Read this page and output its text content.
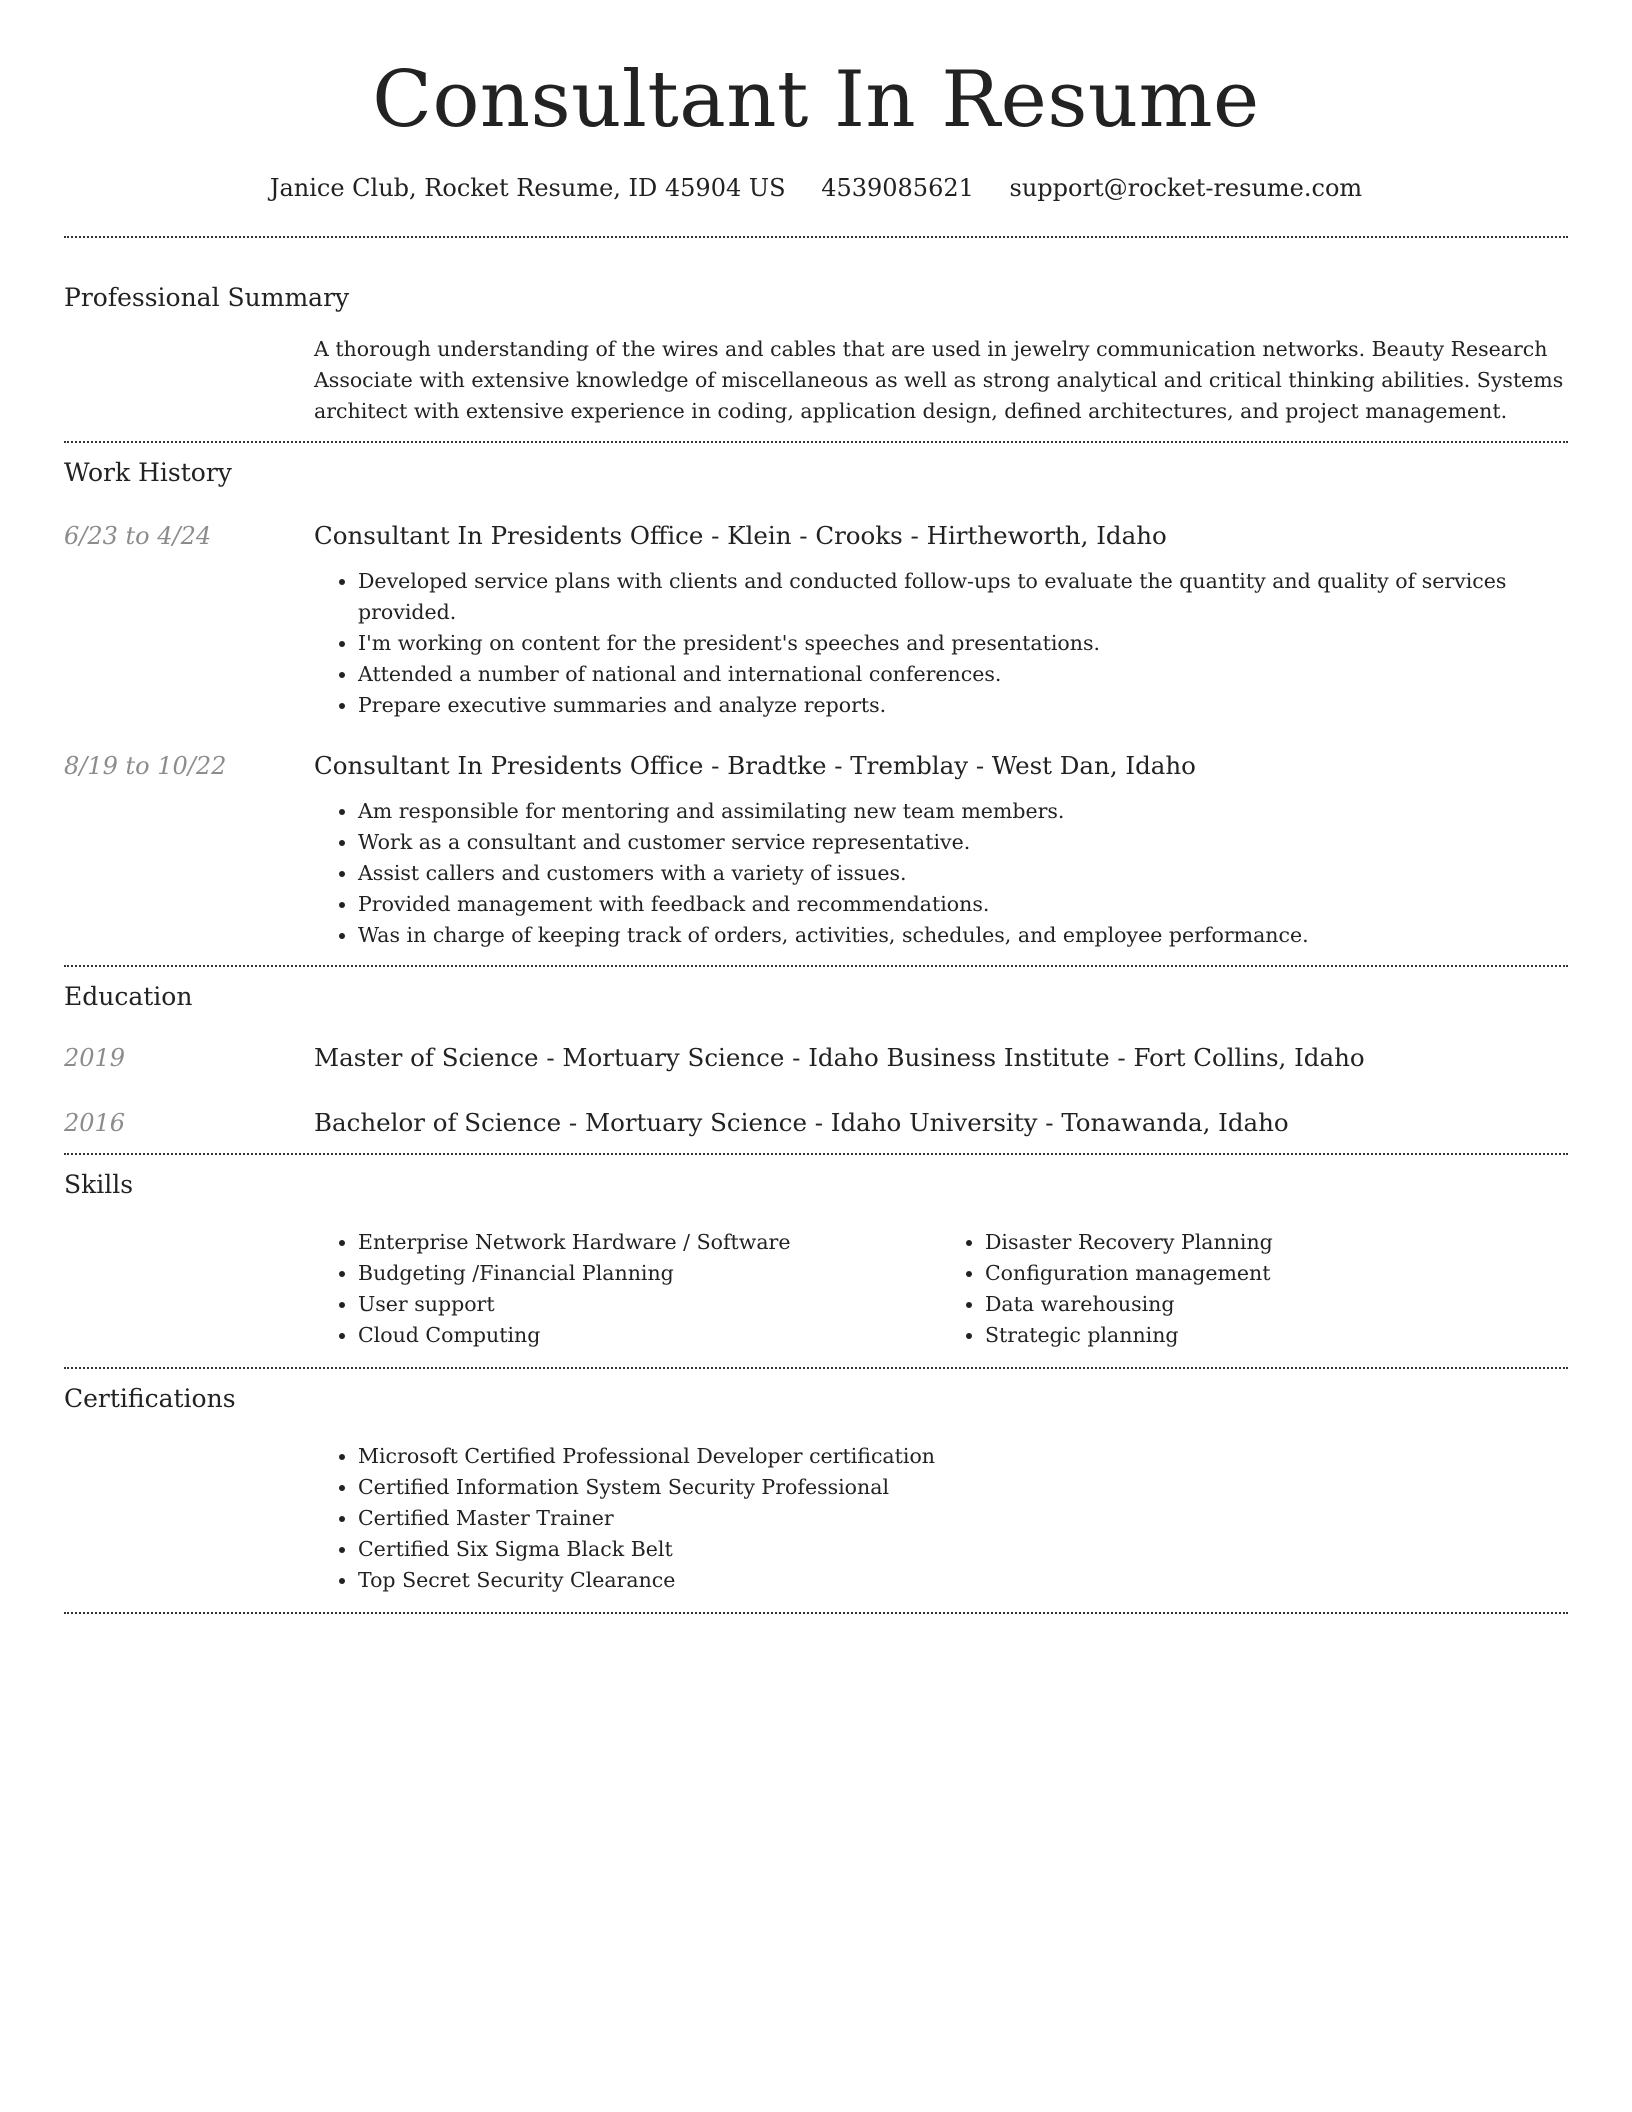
Consultant In Resume
Janice Club, Rocket Resume, ID 45904 US 4539085621 support@rocket-resume.com
Professional Summary

A thorough understanding of the wires and cables that are used in jewelry communication networks. Beauty Research Associate with extensive knowledge of miscellaneous as well as strong analytical and critical thinking abilities. Systems architect with extensive experience in coding, application design, defined architectures, and project management.

Work History
6/23 to 4/24	Consultant In Presidents Office - Klein - Crooks - Hirtheworth, Idaho
• Developed service plans with clients and conducted follow-ups to evaluate the quantity and quality of services provided.
• I'm working on content for the president's speeches and presentations.
• Attended a number of national and international conferences.
• Prepare executive summaries and analyze reports.
8/19 to 10/22	Consultant In Presidents Office - Bradtke - Tremblay - West Dan, Idaho
• Am responsible for mentoring and assimilating new team members.
• Work as a consultant and customer service representative.
• Assist callers and customers with a variety of issues.
• Provided management with feedback and recommendations.
• Was in charge of keeping track of orders, activities, schedules, and employee performance.
Education
2019	Master of Science - Mortuary Science - Idaho Business Institute - Fort Collins, Idaho
2016	Bachelor of Science - Mortuary Science - Idaho University - Tonawanda, Idaho
Skills
• Enterprise Network Hardware / Software
• Budgeting /Financial Planning
• User support
• Cloud Computing
• Disaster Recovery Planning
• Configuration management
• Data warehousing
• Strategic planning
Certifications
• Microsoft Certified Professional Developer certification
• Certified Information System Security Professional
• Certified Master Trainer
• Certified Six Sigma Black Belt
• Top Secret Security Clearance
